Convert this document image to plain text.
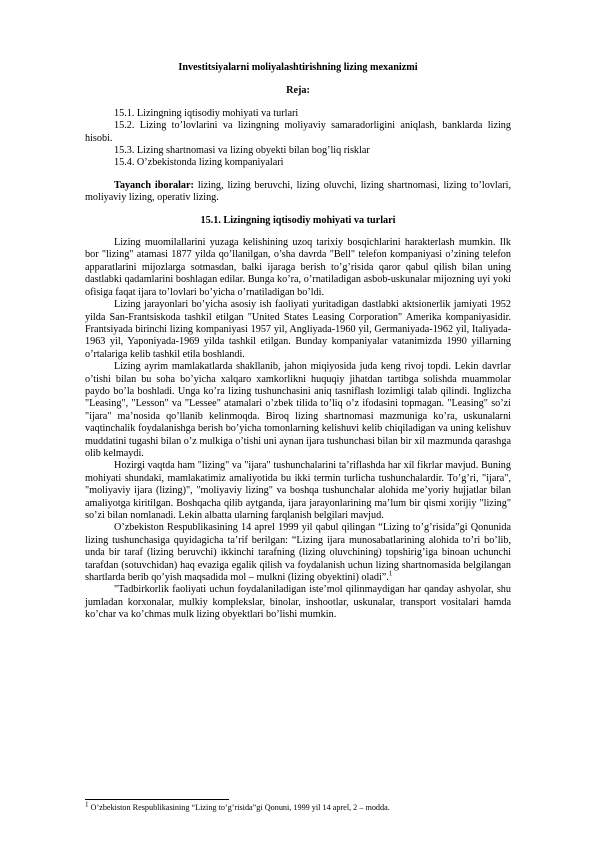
Investitsiyalarni moliyalashtirishning lizing mexanizmi
Reja:

15.1. Lizingning iqtisodiy mohiyati va turlari

15.2. Lizing to’lovlarini va lizingning moliyaviy samaradorligini aniqlash, banklarda lizing hisobi.

15.3. Lizing shartnomasi va lizing obyekti bilan bog’liq risklar

15.4. O’zbekistonda lizing kompaniyalari

Tayanch iboralar: lizing, lizing beruvchi, lizing oluvchi, lizing shartnomasi, lizing to’lovlari, moliyaviy lizing, operativ lizing.

15.1. Lizingning iqtisodiy mohiyati va turlari

Lizing muomilallarini yuzaga kelishining uzoq tarixiy bosqichlarini harakterlash mumkin. Ilk bor "lizing" atamasi 1877 yilda qo’llanilgan, o’sha davrda "Bell" telefon kompaniyasi o’zining telefon apparatlarini mijozlarga sotmasdan, balki ijaraga berish to’g’risida qaror qabul qilish bilan uning dastlabki qadamlarini boshlagan edilar. Bunga ko’ra, o’rnatiladigan asbob-uskunalar mijozning uyi yoki ofisiga faqat ijara to’lovlari bo’yicha o’rnatiladigan bo’ldi.

Lizing jarayonlari bo’yicha asosiy ish faoliyati yuritadigan dastlabki aktsionerlik jamiyati 1952 yilda San-Frantsiskoda tashkil etilgan "United States Leasing Corporation" Amerika kompaniyasidir. Frantsiyada birinchi lizing kompaniyasi 1957 yil, Angliyada-1960 yil, Germaniyada-1962 yil, Italiyada-1963 yil, Yaponiyada-1969 yilda tashkil etilgan. Bunday kompaniyalar vatanimizda 1990 yillarning o’rtalariga kelib tashkil etila boshlandi.

Lizing ayrim mamlakatlarda shakllanib, jahon miqiyosida juda keng rivoj topdi. Lekin davrlar o’tishi bilan bu soha bo’yicha xalqaro xamkorlikni huquqiy jihatdan tartibga solishda muammolar paydo bo’la boshladi. Unga ko’ra lizing tushunchasini aniq tasniflash lozimligi talab qilindi. Inglizcha "Leasing", "Lesson" va "Lessee" atamalari o’zbek tilida to’liq o’z ifodasini topmagan. "Leasing" so’zi "ijara" ma’nosida qo’llanib kelinmoqda. Biroq lizing shartnomasi mazmuniga ko’ra, uskunalarni vaqtinchalik foydalanishga berish bo’yicha tomonlarning kelishuvi kelib chiqiladigan va uning kelishuv muddatini tugashi bilan o’z mulkiga o’tishi uni aynan ijara tushunchasi bilan bir xil mazmunda qarashga olib kelmaydi.

Hozirgi vaqtda ham "lizing" va "ijara" tushunchalarini ta’riflashda har xil fikrlar mavjud. Buning mohiyati shundaki, mamlakatimiz amaliyotida bu ikki termin turlicha tushunchalardir. To’g’ri, "ijara", "moliyaviy ijara (lizing)", "moliyaviy lizing" va boshqa tushunchalar alohida me’yoriy hujjatlar bilan amaliyotga kiritilgan. Boshqacha qilib aytganda, ijara jarayonlarining ma’lum bir qismi xorijiy "lizing" so’zi bilan nomlanadi. Lekin albatta ularning farqlanish belgilari mavjud.

O’zbekiston Respublikasining 14 aprel 1999 yil qabul qilingan “Lizing to’g’risida”gi Qonunida lizing tushunchasiga quyidagicha ta’rif berilgan: “Lizing ijara munosabatlarining alohida to’ri bo’lib, unda bir taraf (lizing beruvchi) ikkinchi tarafning (lizing oluvchining) topshirig’iga binoan uchunchi tarafdan (sotuvchidan) haq evaziga egalik qilish va foydalanish uchun lizing shartnomasida belgilangan shartlarda berib qo’yish maqsadida mol – mulkni (lizing obyektini) oladi”.$^1$

"Tadbirkorlik faoliyati uchun foydalaniladigan iste’mol qilinmaydigan har qanday ashyolar, shu jumladan korxonalar, mulkiy komplekslar, binolar, inshootlar, uskunalar, transport vositalari hamda ko’char va ko’chmas mulk lizing obyektlari bo’lishi mumkin.

$^1$ O’zbekiston Respublikasining “Lizing to’g’risida”gi Qonuni, 1999 yil 14 aprel, 2 – modda.
